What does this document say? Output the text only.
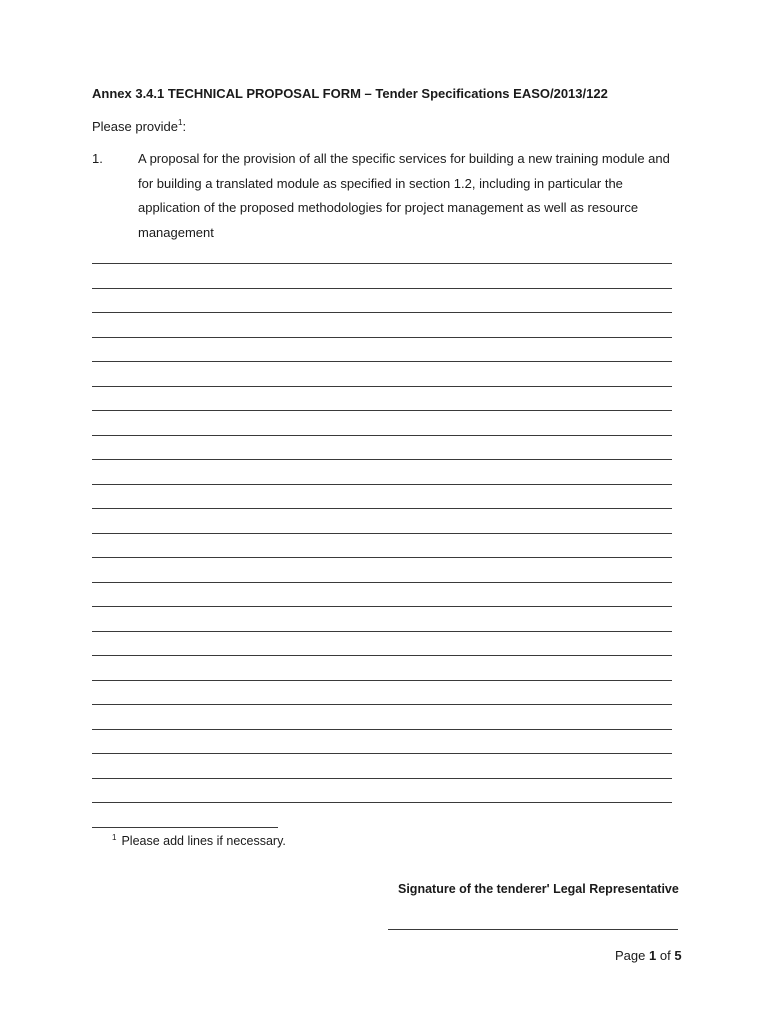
Annex 3.4.1 TECHNICAL PROPOSAL FORM – Tender Specifications EASO/2013/122
Please provide$^1$:
1.	A proposal for the provision of all the specific services for building a new training module and
for building a translated module as specified in section 1.2, including in particular the
application of the proposed methodologies for project management as well as resource
management
$^1$ Please add lines if necessary.
Signature of the tenderer' Legal Representative
Page 1 of 5
